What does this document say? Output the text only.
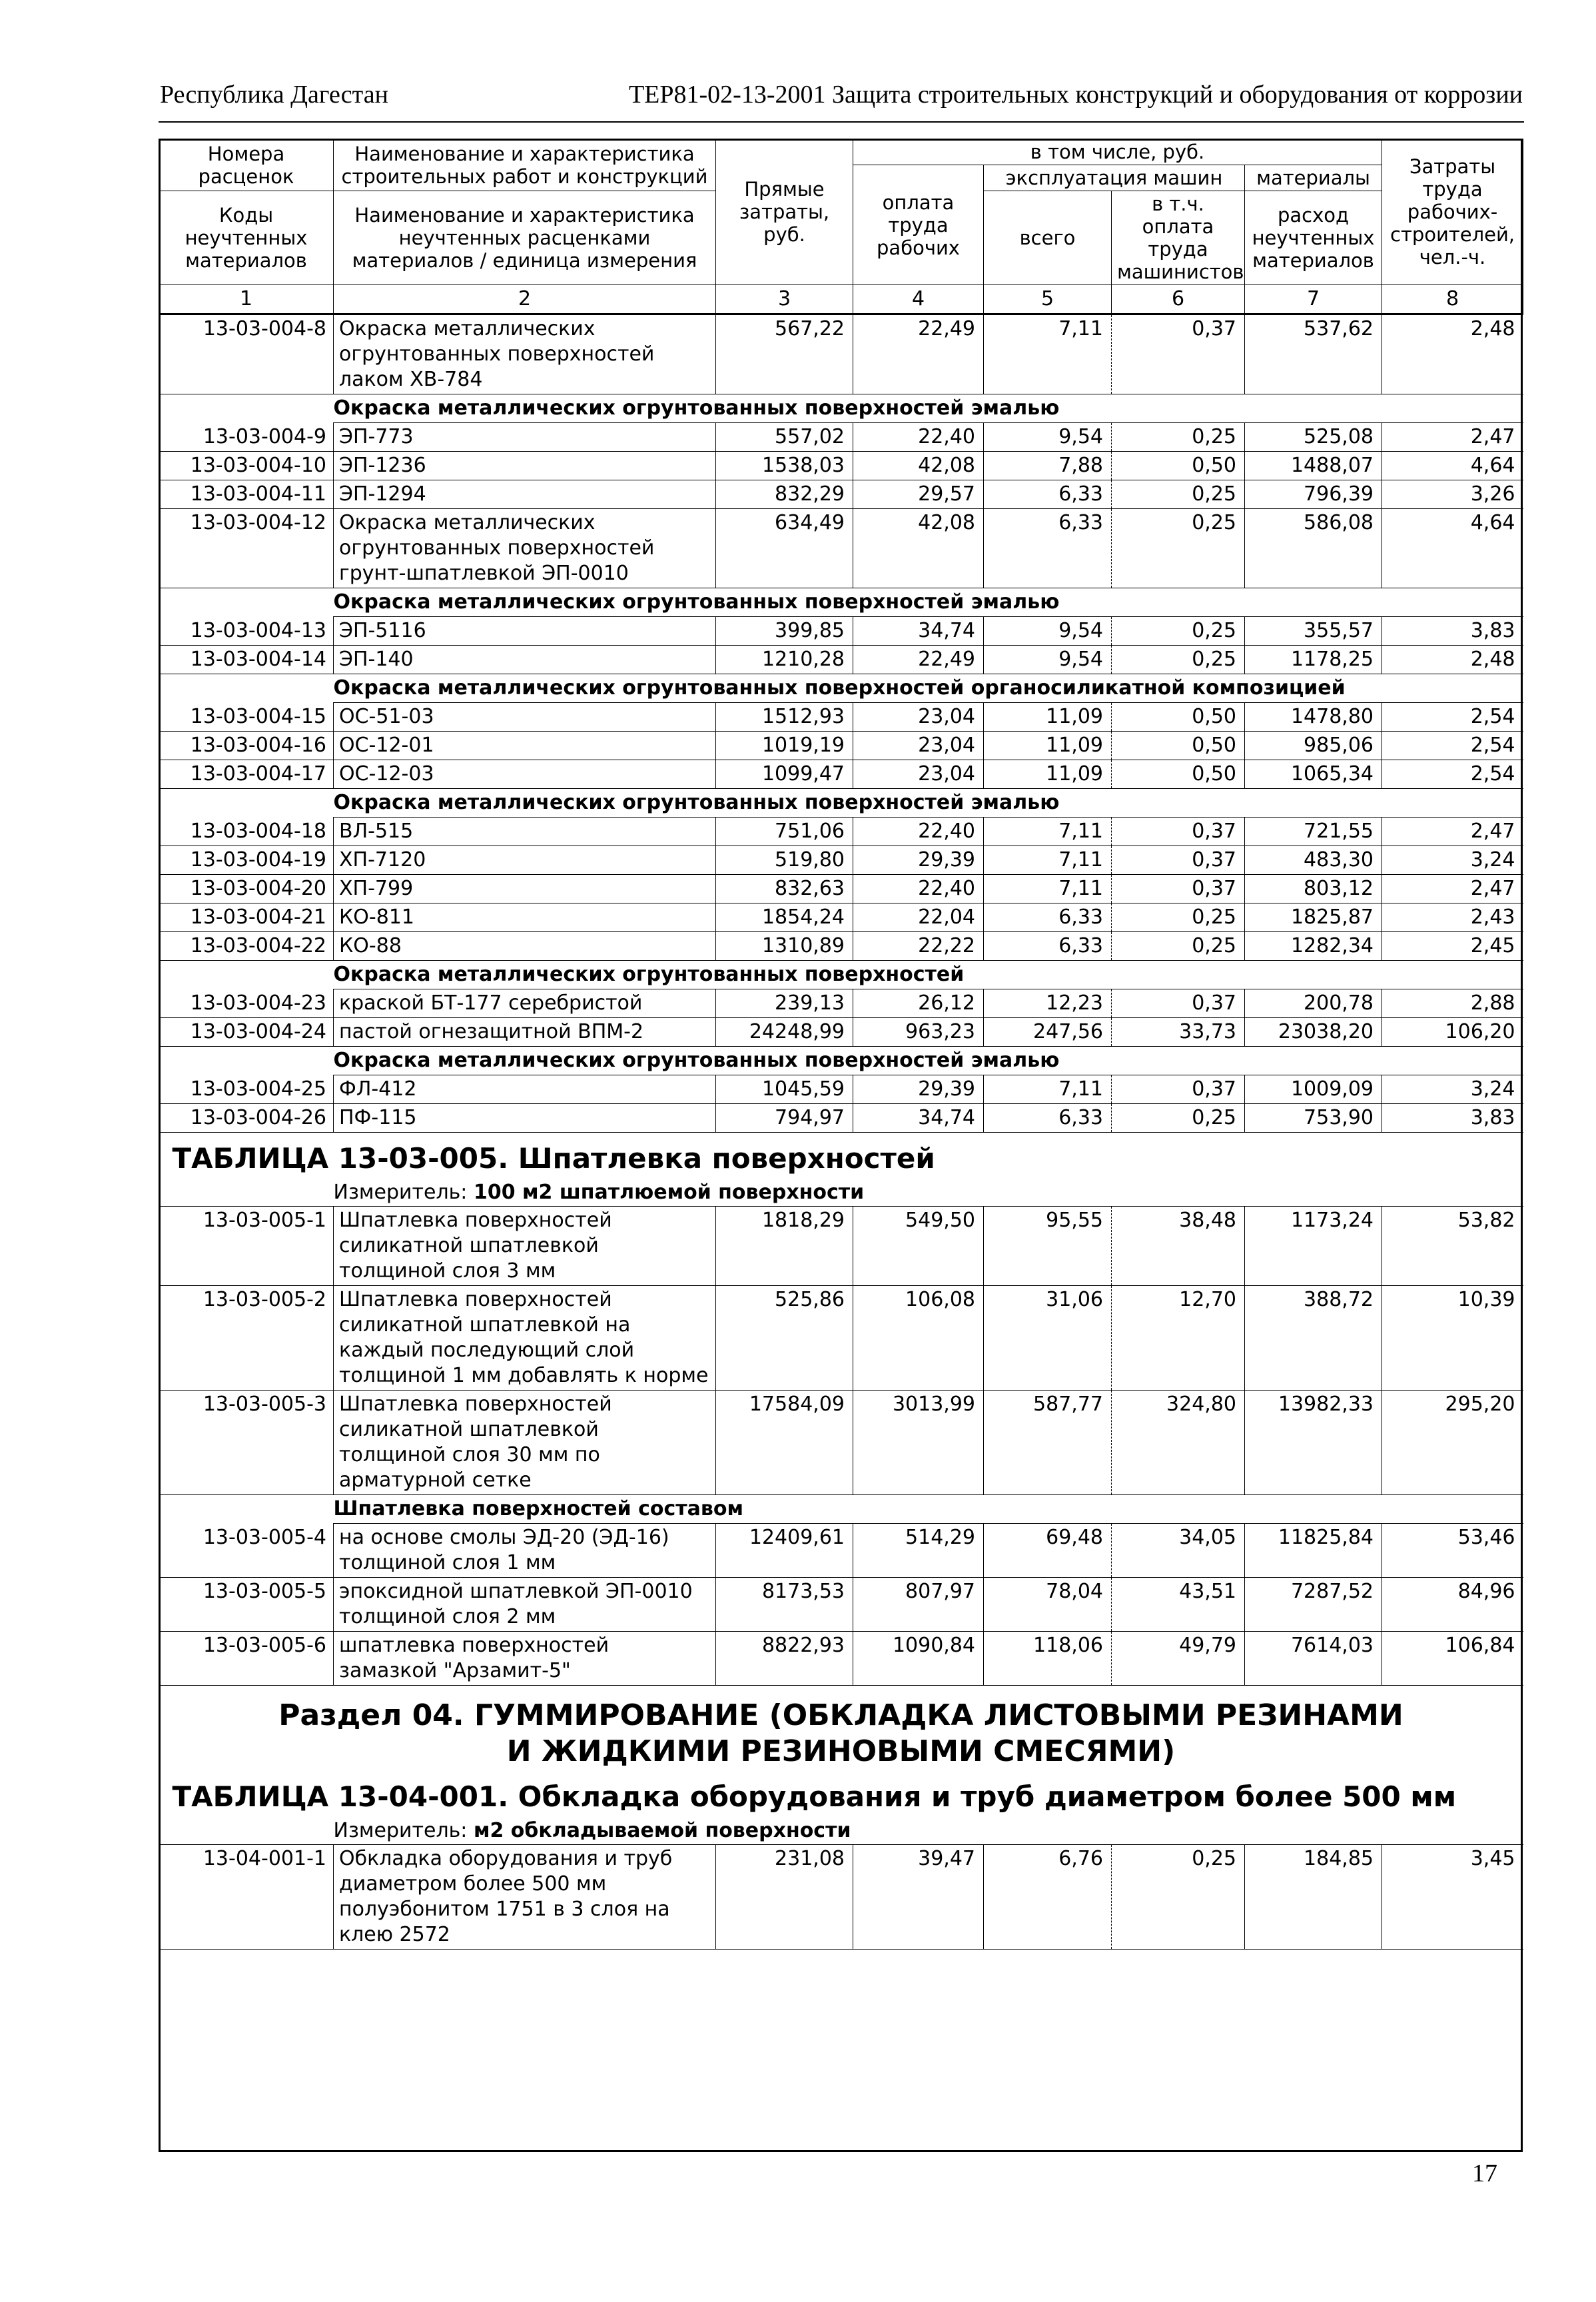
Республика Дагестан	ТЕР81-02-13-2001 Защита строительных конструкций и оборудования от коррозии
Номера расценок	Наименование и характеристика строительных работ и конструкций	Прямые затраты, руб.	в том числе, руб.				Затраты труда рабочих-строителей, чел.-ч.
			оплата труда рабочих	эксплуатация машин		материалы	
Коды неучтенных материалов	Наименование и характеристика неучтенных расценками материалов / единица измерения			всего	в т.ч. оплата труда машинистов	расход неучтенных материалов	

1	2	3	4	5	6	7	8
13-03-004-8	Окраска металлических огрунтованных поверхностей лаком ХВ-784	567,22	22,49	7,11	0,37	537,62	2,48
	Окраска металлических огрунтованных поверхностей эмалью						
13-03-004-9	ЭП-773	557,02	22,40	9,54	0,25	525,08	2,47
13-03-004-10	ЭП-1236	1538,03	42,08	7,88	0,50	1488,07	4,64
13-03-004-11	ЭП-1294	832,29	29,57	6,33	0,25	796,39	3,26
13-03-004-12	Окраска металлических огрунтованных поверхностей грунт-шпатлевкой ЭП-0010	634,49	42,08	6,33	0,25	586,08	4,64
	Окраска металлических огрунтованных поверхностей эмалью						
13-03-004-13	ЭП-5116	399,85	34,74	9,54	0,25	355,57	3,83
13-03-004-14	ЭП-140	1210,28	22,49	9,54	0,25	1178,25	2,48
	Окраска металлических огрунтованных поверхностей органосиликатной композицией						
13-03-004-15	ОС-51-03	1512,93	23,04	11,09	0,50	1478,80	2,54
13-03-004-16	ОС-12-01	1019,19	23,04	11,09	0,50	985,06	2,54
13-03-004-17	ОС-12-03	1099,47	23,04	11,09	0,50	1065,34	2,54
	Окраска металлических огрунтованных поверхностей эмалью						
13-03-004-18	ВЛ-515	751,06	22,40	7,11	0,37	721,55	2,47
13-03-004-19	ХП-7120	519,80	29,39	7,11	0,37	483,30	3,24
13-03-004-20	ХП-799	832,63	22,40	7,11	0,37	803,12	2,47
13-03-004-21	КО-811	1854,24	22,04	6,33	0,25	1825,87	2,43
13-03-004-22	КО-88	1310,89	22,22	6,33	0,25	1282,34	2,45
	Окраска металлических огрунтованных поверхностей						
13-03-004-23	краской БТ-177 серебристой	239,13	26,12	12,23	0,37	200,78	2,88
13-03-004-24	пастой огнезащитной ВПМ-2	24248,99	963,23	247,56	33,73	23038,20	106,20
	Окраска металлических огрунтованных поверхностей эмалью						
13-03-004-25	ФЛ-412	1045,59	29,39	7,11	0,37	1009,09	3,24
13-03-004-26	ПФ-115	794,97	34,74	6,33	0,25	753,90	3,83
ТАБЛИЦА 13-03-005. Шпатлевка поверхностей							
	Измеритель: 100 м2 шпатлюемой поверхности						
13-03-005-1	Шпатлевка поверхностей силикатной шпатлевкой толщиной слоя 3 мм	1818,29	549,50	95,55	38,48	1173,24	53,82
13-03-005-2	Шпатлевка поверхностей силикатной шпатлевкой на каждый последующий слой толщиной 1 мм добавлять к норме	525,86	106,08	31,06	12,70	388,72	10,39
13-03-005-3	Шпатлевка поверхностей силикатной шпатлевкой толщиной слоя 30 мм по арматурной сетке	17584,09	3013,99	587,77	324,80	13982,33	295,20
	Шпатлевка поверхностей составом						
13-03-005-4	на основе смолы ЭД-20 (ЭД-16) толщиной слоя 1 мм	12409,61	514,29	69,48	34,05	11825,84	53,46
13-03-005-5	эпоксидной шпатлевкой ЭП-0010 толщиной слоя 2 мм	8173,53	807,97	78,04	43,51	7287,52	84,96
13-03-005-6	шпатлевка поверхностей замазкой "Арзамит-5"	8822,93	1090,84	118,06	49,79	7614,03	106,84

Раздел 04. ГУММИРОВАНИЕ (ОБКЛАДКА ЛИСТОВЫМИ РЕЗИНАМИ
И ЖИДКИМИ РЕЗИНОВЫМИ СМЕСЯМИ)							

ТАБЛИЦА 13-04-001. Обкладка оборудования и труб диаметром более 500 мм							
	Измеритель: м2 обкладываемой поверхности						
13-04-001-1	Обкладка оборудования и труб диаметром более 500 мм полуэбонитом 1751 в 3 слоя на клею 2572	231,08	39,47	6,76	0,25	184,85	3,45
17
